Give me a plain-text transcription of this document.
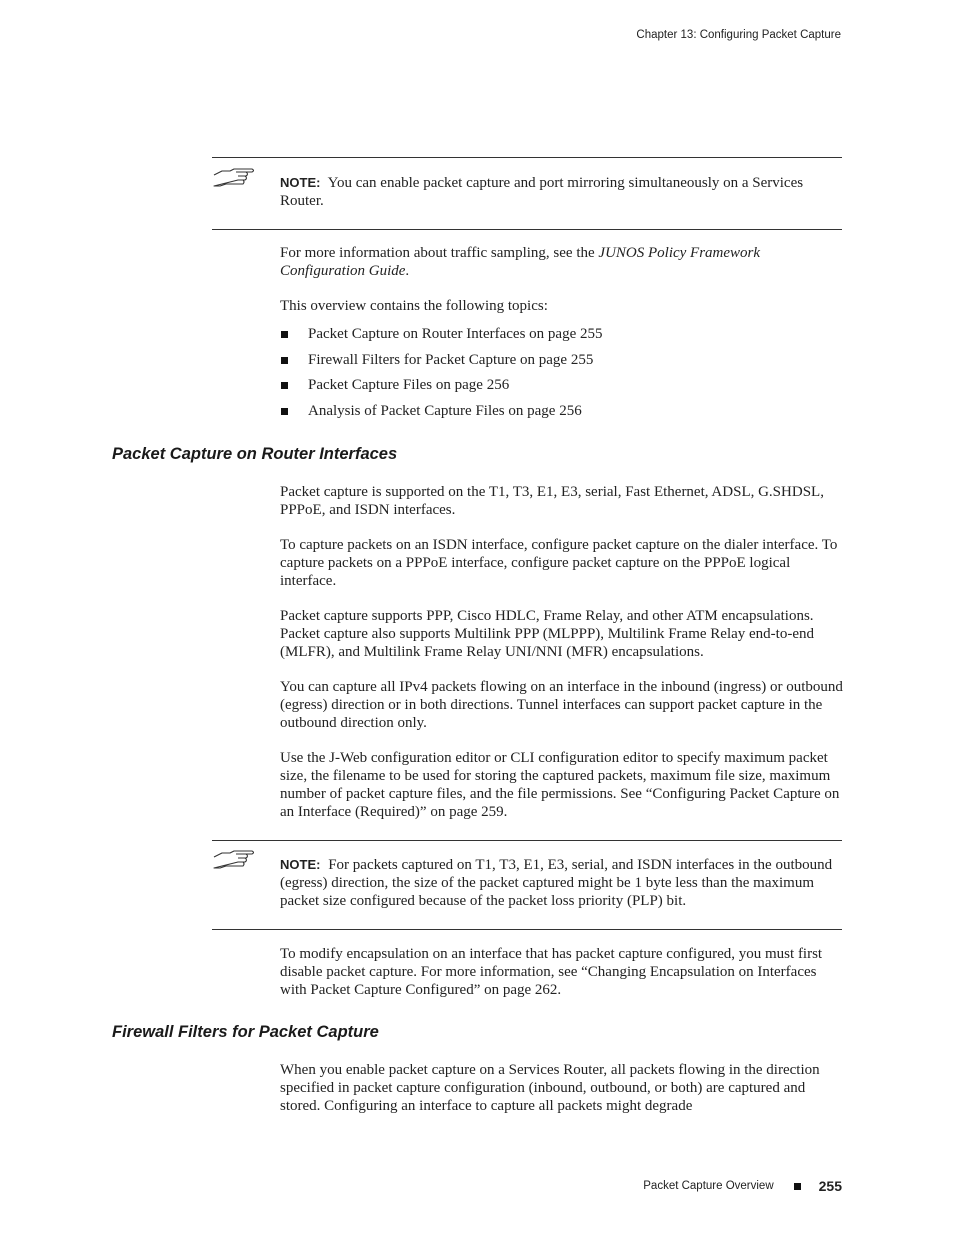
Chapter 13: Configuring Packet Capture
NOTE: You can enable packet capture and port mirroring simultaneously on a Services Router.
For more information about traffic sampling, see the JUNOS Policy Framework Configuration Guide.
This overview contains the following topics:
Packet Capture on Router Interfaces on page 255
Firewall Filters for Packet Capture on page 255
Packet Capture Files on page 256
Analysis of Packet Capture Files on page 256
Packet Capture on Router Interfaces
Packet capture is supported on the T1, T3, E1, E3, serial, Fast Ethernet, ADSL, G.SHDSL, PPPoE, and ISDN interfaces.
To capture packets on an ISDN interface, configure packet capture on the dialer interface. To capture packets on a PPPoE interface, configure packet capture on the PPPoE logical interface.
Packet capture supports PPP, Cisco HDLC, Frame Relay, and other ATM encapsulations. Packet capture also supports Multilink PPP (MLPPP), Multilink Frame Relay end-to-end (MLFR), and Multilink Frame Relay UNI/NNI (MFR) encapsulations.
You can capture all IPv4 packets flowing on an interface in the inbound (ingress) or outbound (egress) direction or in both directions. Tunnel interfaces can support packet capture in the outbound direction only.
Use the J-Web configuration editor or CLI configuration editor to specify maximum packet size, the filename to be used for storing the captured packets, maximum file size, maximum number of packet capture files, and the file permissions. See “Configuring Packet Capture on an Interface (Required)” on page 259.
NOTE: For packets captured on T1, T3, E1, E3, serial, and ISDN interfaces in the outbound (egress) direction, the size of the packet captured might be 1 byte less than the maximum packet size configured because of the packet loss priority (PLP) bit.
To modify encapsulation on an interface that has packet capture configured, you must first disable packet capture. For more information, see “Changing Encapsulation on Interfaces with Packet Capture Configured” on page 262.
Firewall Filters for Packet Capture
When you enable packet capture on a Services Router, all packets flowing in the direction specified in packet capture configuration (inbound, outbound, or both) are captured and stored. Configuring an interface to capture all packets might degrade
Packet Capture Overview	255
